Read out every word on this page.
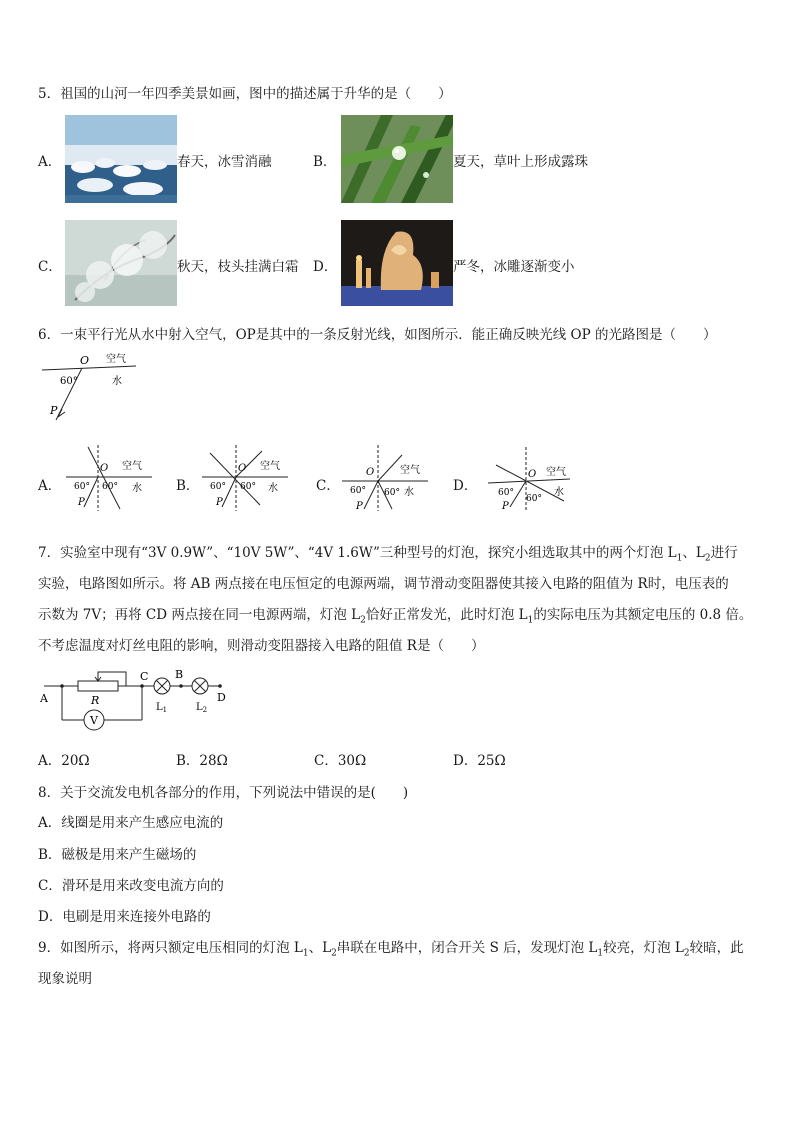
5．祖国的山河一年四季美景如画，图中的描述属于升华的是（　　）
A．	春天，冰雪消融	B．	夏天，草叶上形成露珠
C．	秋天，枝头挂满白霜 D．	严冬，冰雕逐渐变小
6．一束平行光从水中射入空气，OP是其中的一条反射光线，如图所示．能正确反映光线 OP 的光路图是（　　）
O 空气
水
60°
P
A．
O 空气
水
60° 60°
P
B．
O 空气
水
60° 60°
P
C．
O	空气
水
60° 60°
P
D．
O 空气
水
60°
60°
P
7．实验室中现有“3V 0.9W”、“10V 5W”、“4V 1.6W”三种型号的灯泡，探究小组选取其中的两个灯泡 $L_1$、$L_2$进行
实验，电路图如所示。将 AB 两点接在电压恒定的电源两端，调节滑动变阻器使其接入电路的阻值为 R时，电压表的
示数为 7V；再将 CD 两点接在同一电源两端，灯泡 $L_2$恰好正常发光，此时灯泡 $L_1$的实际电压为其额定电压的 0.8 倍。
不考虑温度对灯丝电阻的影响，则滑动变阻器接入电路的阻值 R是（　　）
A
C B
D
R
V
$L_1$	$L_2$
A．20Ω	B．28Ω	C．30Ω	D．25Ω
8．关于交流发电机各部分的作用，下列说法中错误的是(　　)
A．线圈是用来产生感应电流的
B．磁极是用来产生磁场的
C．滑环是用来改变电流方向的
D．电刷是用来连接外电路的
9．如图所示，将两只额定电压相同的灯泡 $L_1$、$L_2$串联在电路中，闭合开关 S 后，发现灯泡 $L_1$较亮，灯泡 $L_2$较暗，此
现象说明
